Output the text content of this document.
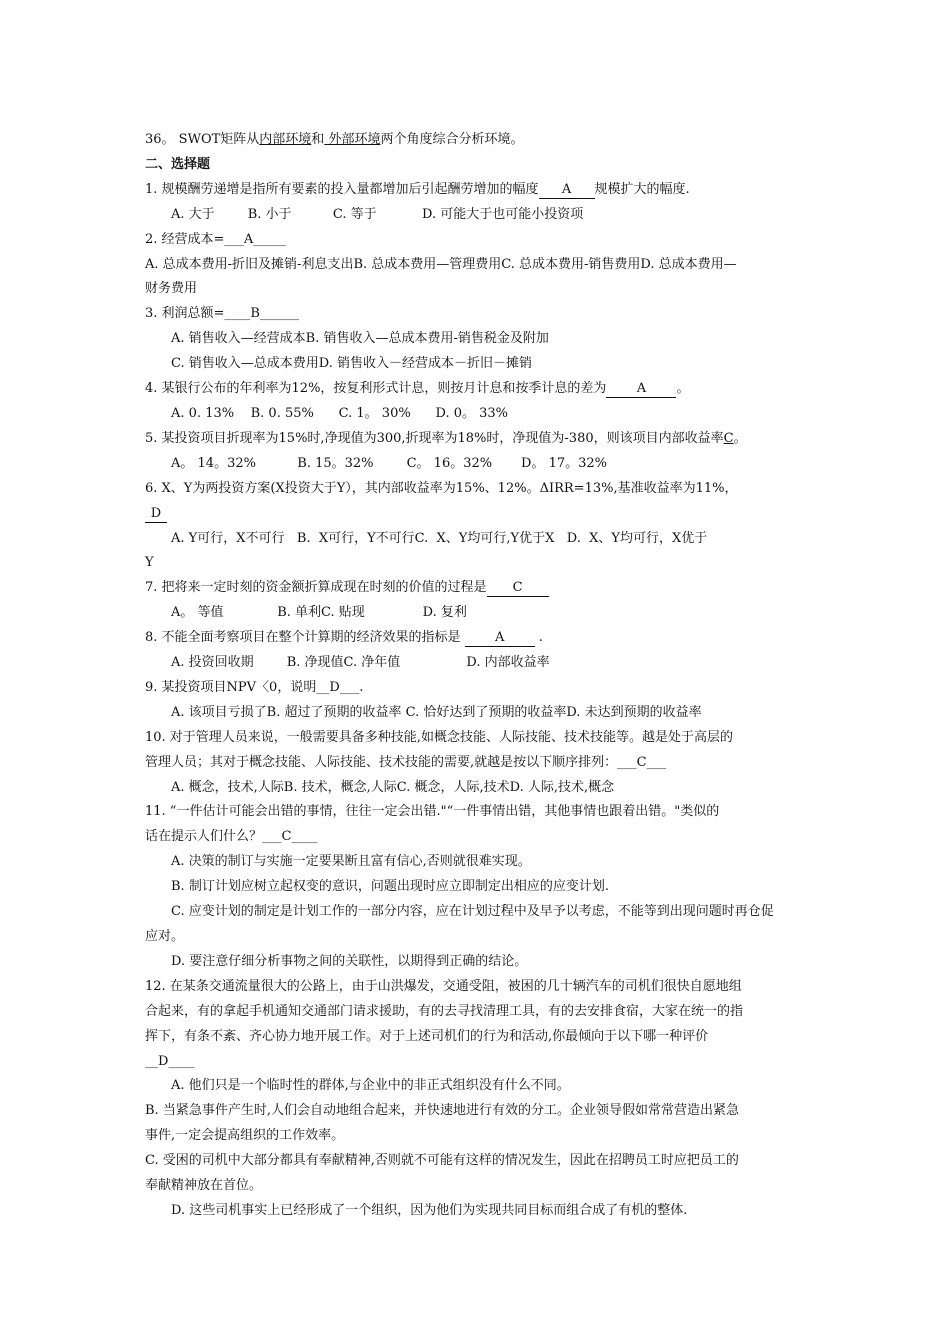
36。 SWOT矩阵从内部环境和 外部环境两个角度综合分析环境。
二、选择题
1. 规模酬劳递增是指所有要素的投入量都增加后引起酬劳增加的幅度 A 规模扩大的幅度.
A. 大于        B. 小于          C. 等于           D. 可能大于也可能小投资项
2. 经营成本=___A_____
A. 总成本费用-折旧及摊销-利息支出B. 总成本费用—管理费用C. 总成本费用-销售费用D. 总成本费用—
财务费用
3. 利润总额=____B______
A. 销售收入—经营成本B. 销售收入—总成本费用-销售税金及附加
C. 销售收入—总成本费用D. 销售收入－经营成本－折旧－摊销
4. 某银行公布的年利率为12%，按复利形式计息，则按月计息和按季计息的差为 A 。
A. 0. 13%    B. 0. 55%      C. 1。 30%      D. 0。 33%
5. 某投资项目折现率为15%时,净现值为300,折现率为18%时，净现值为-380，则该项目内部收益率C。
A。 14。32%          B. 15。32%        C。 16。32%       D。 17。32%
6. X、Y为两投资方案(X投资大于Y），其内部收益率为15%、12%。ΔIRR=13%,基准收益率为11%，
D
A. Y可行，X不可行   B.  X可行，Y不可行C.  X、Y均可行,Y优于X   D.  X、Y均可行，X优于
Y
7. 把将来一定时刻的资金额折算成现在时刻的价值的过程是 C
A。 等值             B. 单利C. 贴现              D. 复利
8. 不能全面考察项目在整个计算期的经济效果的指标是 A .
A. 投资回收期        B. 净现值C. 净年值                D. 内部收益率
9. 某投资项目NPV〈0，说明__D___.
A. 该项目亏损了B. 超过了预期的收益率 C. 恰好达到了预期的收益率D. 未达到预期的收益率
10. 对于管理人员来说，一般需要具备多种技能,如概念技能、人际技能、技术技能等。越是处于高层的
管理人员；其对于概念技能、人际技能、技术技能的需要,就越是按以下顺序排列：___C___
A. 概念，技术,人际B. 技术，概念,人际C. 概念，人际,技术D. 人际,技术,概念
11. “一件估计可能会出错的事情，往往一定会出错."“一件事情出错，其他事情也跟着出错。"类似的
话在提示人们什么？___C____
A. 决策的制订与实施一定要果断且富有信心,否则就很难实现。
B. 制订计划应树立起权变的意识，问题出现时应立即制定出相应的应变计划.
C. 应变计划的制定是计划工作的一部分内容，应在计划过程中及早予以考虑，不能等到出现问题时再仓促
应对。
D. 要注意仔细分析事物之间的关联性，以期得到正确的结论。
12. 在某条交通流量很大的公路上，由于山洪爆发，交通受阻，被困的几十辆汽车的司机们很快自愿地组
合起来，有的拿起手机通知交通部门请求援助，有的去寻找清理工具，有的去安排食宿，大家在统一的指
挥下，有条不紊、齐心协力地开展工作。对于上述司机们的行为和活动,你最倾向于以下哪一种评价
__D____
A. 他们只是一个临时性的群体,与企业中的非正式组织没有什么不同。
B. 当紧急事件产生时,人们会自动地组合起来，并快速地进行有效的分工。企业领导假如常常营造出紧急
事件,一定会提高组织的工作效率。
C. 受困的司机中大部分都具有奉献精神,否则就不可能有这样的情况发生，因此在招聘员工时应把员工的
奉献精神放在首位。
D. 这些司机事实上已经形成了一个组织，因为他们为实现共同目标而组合成了有机的整体.
